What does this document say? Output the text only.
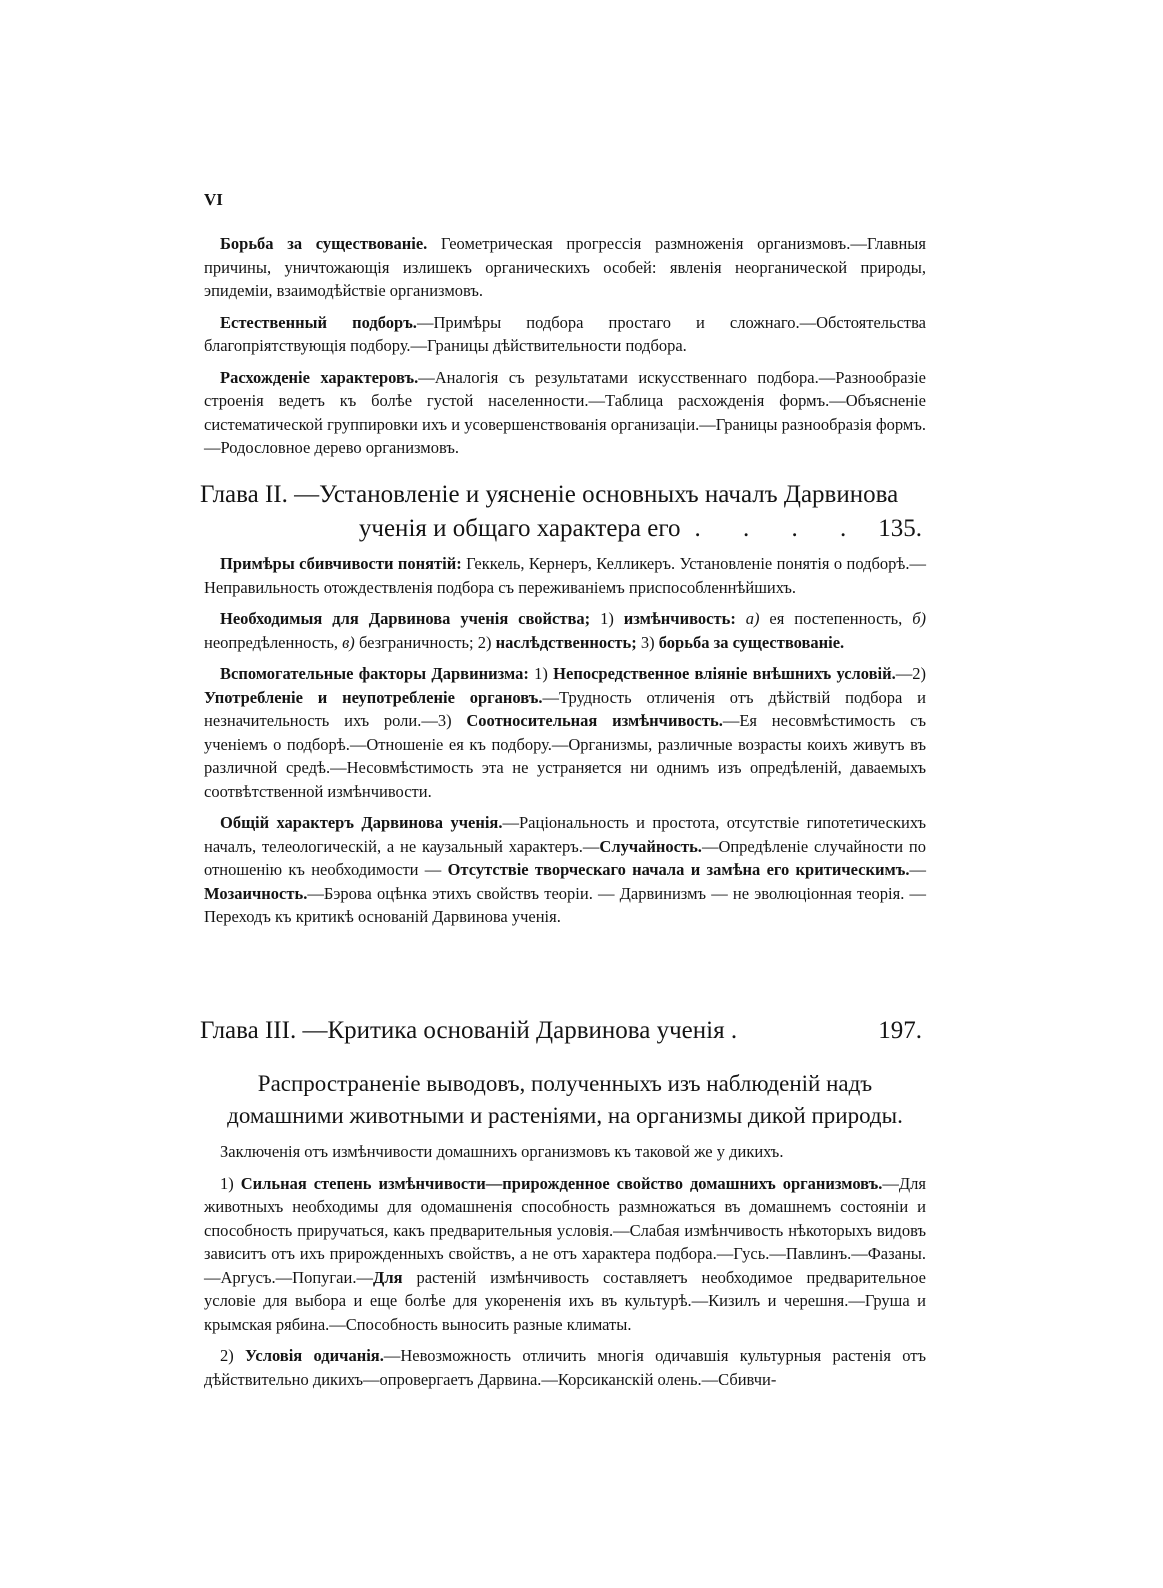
VI

Борьба за существованіе. Геометрическая прогрессія размноженія организмовъ.—Главныя причины, уничтожающія излишекъ органическихъ особей: явленія неорганической природы, эпидеміи, взаимодѣйствіе организмовъ.

Естественный подборъ.—Примѣры подбора простаго и сложнаго.—Обстоятельства благопріятствующія подбору.—Границы дѣйствительности подбора.

Расхожденіе характеровъ.—Аналогія съ результатами искусственнаго подбора.—Разнообразіе строенія ведетъ къ болѣе густой населенности.—Таблица расхожденія формъ.—Объясненіе систематической группировки ихъ и усовершенствованія организаціи.—Границы разнообразія формъ.—Родословное дерево организмовъ.

Глава II. —Установленіе и уясненіе основныхъ началъ Дарвинова
ученія и общаго характера его . . . . 135.

Примѣры сбивчивости понятій: Геккель, Кернеръ, Келликеръ. Установленіе понятія о подборѣ.—Неправильность отождествленія подбора съ переживаніемъ приспособленнѣйшихъ.

Необходимыя для Дарвинова ученія свойства; 1) измѣнчивость: а) ея постепенность, б) неопредѣленность, в) безграничность; 2) наслѣдственность; 3) борьба за существованіе.

Вспомогательные факторы Дарвинизма: 1) Непосредственное вліяніе внѣшнихъ условій.—2) Употребленіе и неупотребленіе органовъ.—Трудность отличенія отъ дѣйствій подбора и незначительность ихъ роли.—3) Соотносительная измѣнчивость.—Ея несовмѣстимость съ ученіемъ о подборѣ.—Отношеніе ея къ подбору.—Организмы, различные возрасты коихъ живутъ въ различной средѣ.—Несовмѣстимость эта не устраняется ни однимъ изъ опредѣленій, даваемыхъ соотвѣтственной измѣнчивости.

Общій характеръ Дарвинова ученія.—Раціональность и простота, отсутствіе гипотетическихъ началъ, телеологическій, а не каузальный характеръ.—Случайность.—Опредѣленіе случайности по отношенію къ необходимости — Отсутствіе творческаго начала и замѣна его критическимъ.—Мозаичность.—Бэрова оцѣнка этихъ свойствъ теоріи. — Дарвинизмъ — не эволюціонная теорія. — Переходъ къ критикѣ основаній Дарвинова ученія.

Глава III. —Критика основаній Дарвинова ученія .	197.
Распространеніе выводовъ, полученныхъ изъ наблюденій надъ домашними животными и растеніями, на организмы дикой природы.

Заключенія отъ измѣнчивости домашнихъ организмовъ къ таковой же у дикихъ.

1) Сильная степень измѣнчивости—прирожденное свойство домашнихъ организмовъ.—Для животныхъ необходимы для одомашненія способность размножаться въ домашнемъ состояніи и способность приручаться, какъ предварительныя условія.—Слабая измѣнчивость нѣкоторыхъ видовъ зависитъ отъ ихъ прирожденныхъ свойствъ, а не отъ характера подбора.—Гусь.—Павлинъ.—Фазаны.—Аргусъ.—Попугаи.—Для растеній измѣнчивость составляетъ необходимое предварительное условіе для выбора и еще болѣе для укорененія ихъ въ культурѣ.—Кизилъ и черешня.—Груша и крымская рябина.—Способность выносить разные климаты.

2) Условія одичанія.—Невозможность отличить многія одичавшія культурныя растенія отъ дѣйствительно дикихъ—опровергаетъ Дарвина.—Корсиканскій олень.—Сбивчи-
